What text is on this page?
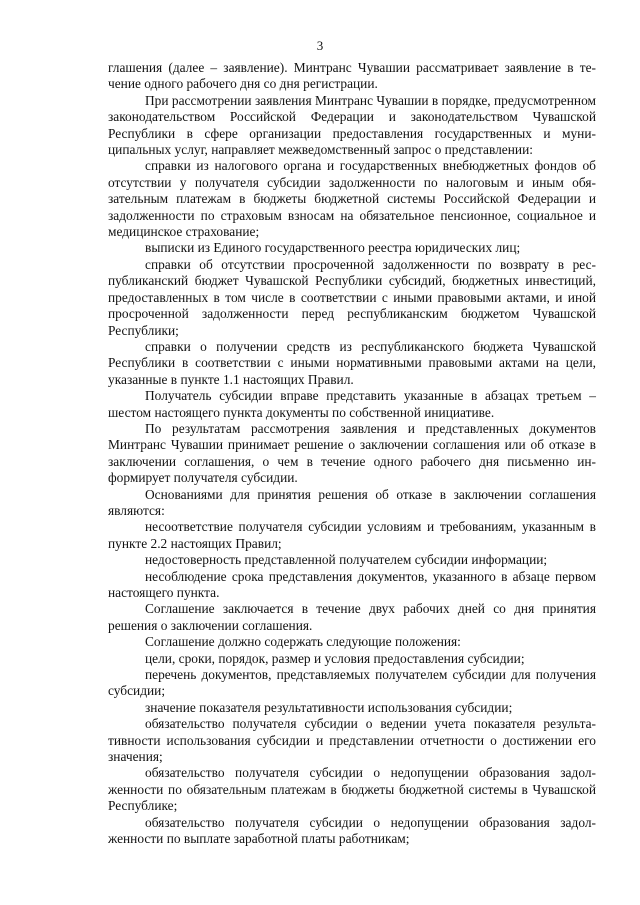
3

глашения (далее – заявление). Минтранс Чувашии рассматривает заявление в течение одного рабочего дня со дня регистрации.

При рассмотрении заявления Минтранс Чувашии в порядке, предусмотренном законодательством Российской Федерации и законодательством Чувашской Республики в сфере организации предоставления государственных и муниципальных услуг, направляет межведомственный запрос о представлении:

справки из налогового органа и государственных внебюджетных фондов об отсутствии у получателя субсидии задолженности по налоговым и иным обязательным платежам в бюджеты бюджетной системы Российской Федерации и задолженности по страховым взносам на обязательное пенсионное, социальное и медицинское страхование;

выписки из Единого государственного реестра юридических лиц;

справки об отсутствии просроченной задолженности по возврату в республиканский бюджет Чувашской Республики субсидий, бюджетных инвестиций, предоставленных в том числе в соответствии с иными правовыми актами, и иной просроченной задолженности перед республиканским бюджетом Чувашской Республики;

справки о получении средств из республиканского бюджета Чувашской Республики в соответствии с иными нормативными правовыми актами на цели, указанные в пункте 1.1 настоящих Правил.

Получатель субсидии вправе представить указанные в абзацах третьем – шестом настоящего пункта документы по собственной инициативе.

По результатам рассмотрения заявления и представленных документов Минтранс Чувашии принимает решение о заключении соглашения или об отказе в заключении соглашения, о чем в течение одного рабочего дня письменно информирует получателя субсидии.

Основаниями для принятия решения об отказе в заключении соглашения являются:

несоответствие получателя субсидии условиям и требованиям, указанным в пункте 2.2 настоящих Правил;

недостоверность представленной получателем субсидии информации;

несоблюдение срока представления документов, указанного в абзаце первом настоящего пункта.

Соглашение заключается в течение двух рабочих дней со дня принятия решения о заключении соглашения.

Соглашение должно содержать следующие положения:

цели, сроки, порядок, размер и условия предоставления субсидии;

перечень документов, представляемых получателем субсидии для получения субсидии;

значение показателя результативности использования субсидии;

обязательство получателя субсидии о ведении учета показателя результативности использования субсидии и представлении отчетности о достижении его значения;

обязательство получателя субсидии о недопущении образования задолженности по обязательным платежам в бюджеты бюджетной системы в Чувашской Республике;

обязательство получателя субсидии о недопущении образования задолженности по выплате заработной платы работникам;
